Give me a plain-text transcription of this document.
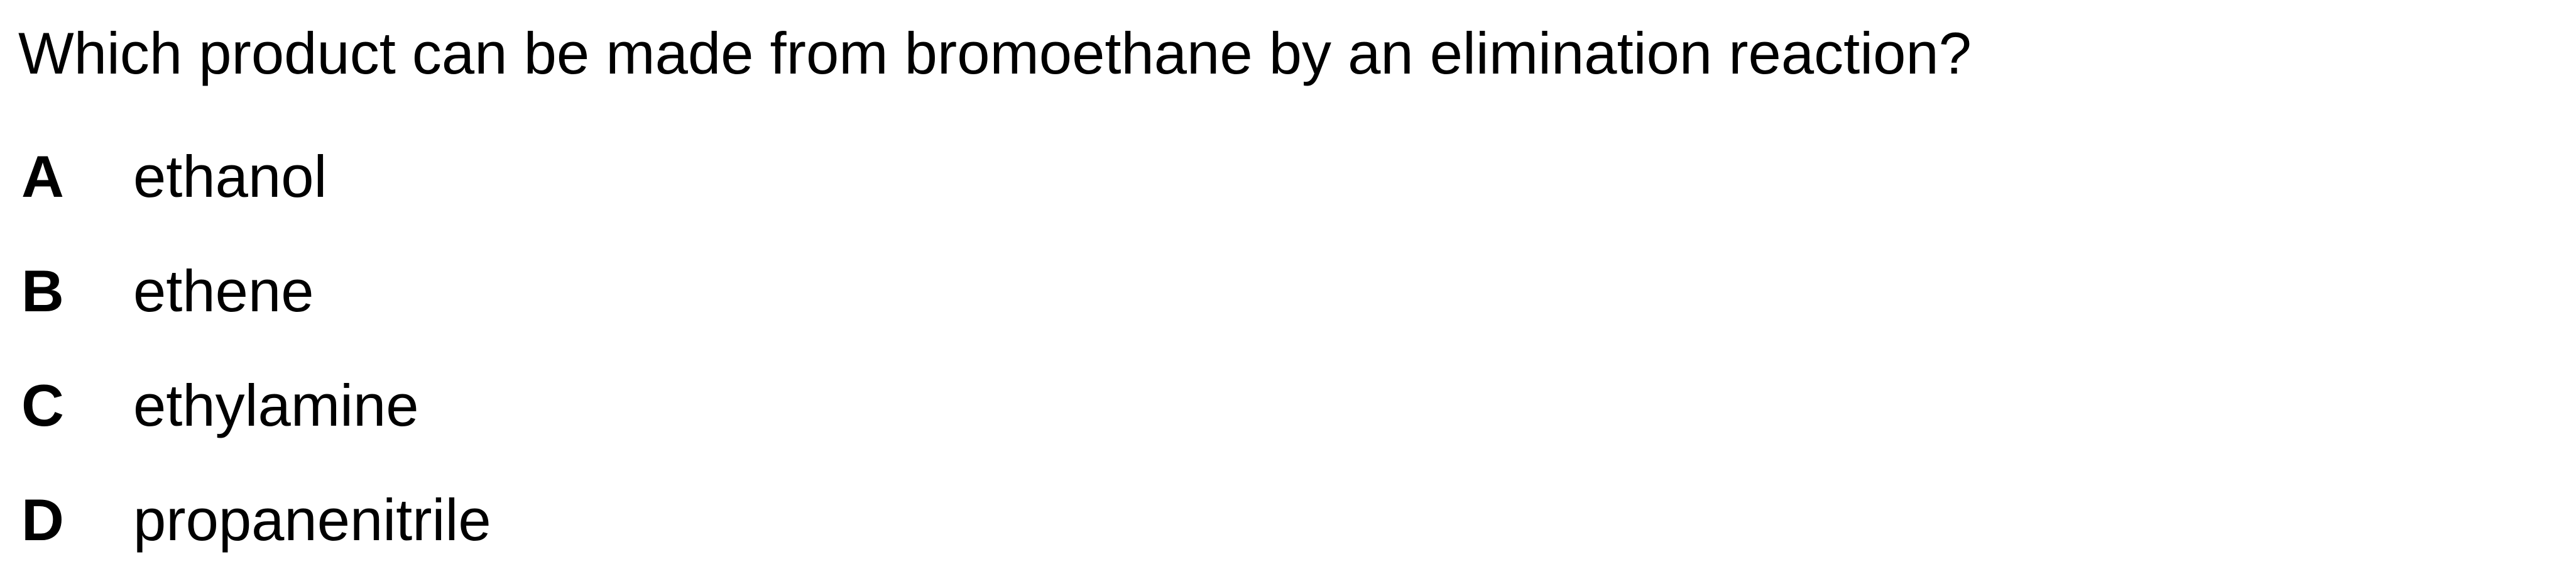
Which product can be made from bromoethane by an elimination reaction?

A ethanol
B ethene
C ethylamine
D propanenitrile
